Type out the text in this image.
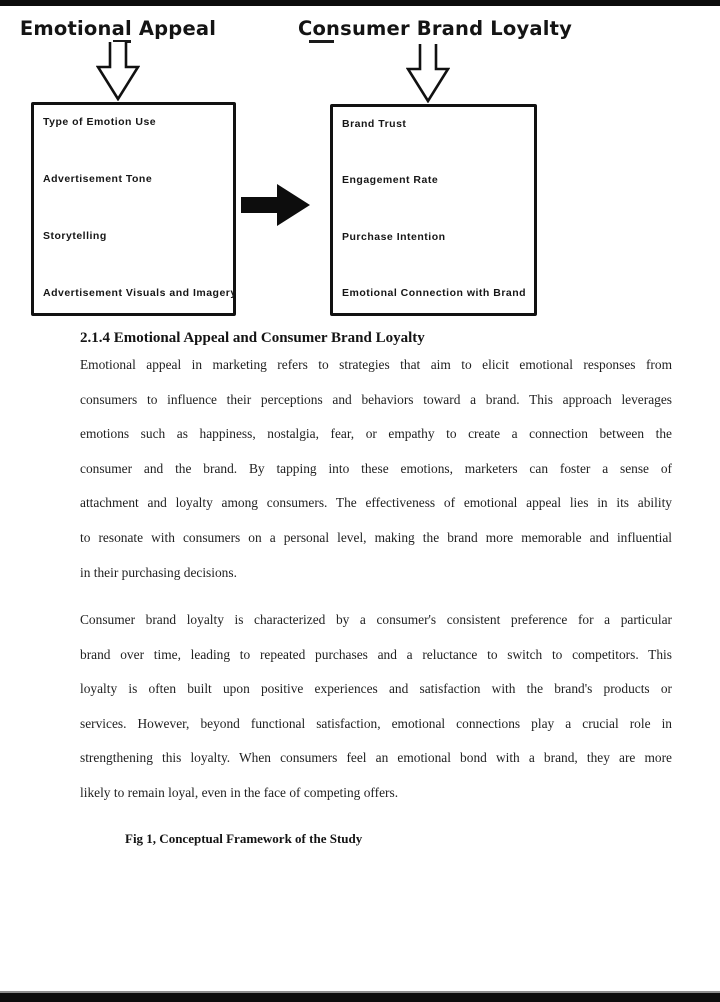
Emotional Appeal	Consumer Brand Loyalty
Type of Emotion Use
Advertisement Tone
Storytelling
Advertisement Visuals and Imagery
Brand Trust
Engagement Rate
Purchase Intention
Emotional Connection with Brand
2.1.4 Emotional Appeal and Consumer Brand Loyalty
Emotional appeal in marketing refers to strategies that aim to elicit emotional responses from
consumers to influence their perceptions and behaviors toward a brand. This approach leverages
emotions such as happiness, nostalgia, fear, or empathy to create a connection between the
consumer and the brand. By tapping into these emotions, marketers can foster a sense of
attachment and loyalty among consumers. The effectiveness of emotional appeal lies in its ability
to resonate with consumers on a personal level, making the brand more memorable and influential
in their purchasing decisions.
Consumer brand loyalty is characterized by a consumer's consistent preference for a particular
brand over time, leading to repeated purchases and a reluctance to switch to competitors. This
loyalty is often built upon positive experiences and satisfaction with the brand's products or
services. However, beyond functional satisfaction, emotional connections play a crucial role in
strengthening this loyalty. When consumers feel an emotional bond with a brand, they are more
likely to remain loyal, even in the face of competing offers.
Fig 1, Conceptual Framework of the Study
